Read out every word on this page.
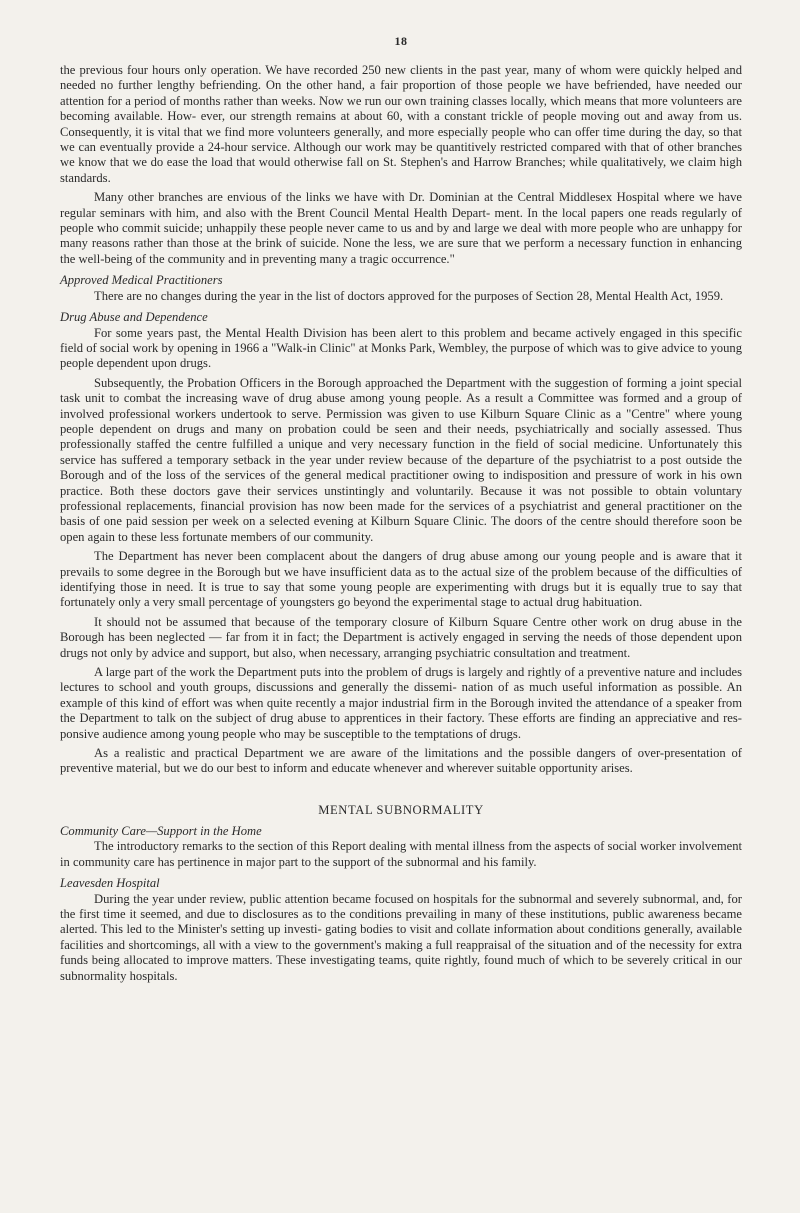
18

the previous four hours only operation. We have recorded 250 new clients in the past year, many of whom were quickly helped and needed no further lengthy befriending. On the other hand, a fair proportion of those people we have befriended, have needed our attention for a period of months rather than weeks. Now we run our own training classes locally, which means that more volunteers are becoming available. How- ever, our strength remains at about 60, with a constant trickle of people moving out and away from us. Consequently, it is vital that we find more volunteers generally, and more especially people who can offer time during the day, so that we can eventually provide a 24-hour service. Although our work may be quantitively restricted compared with that of other branches we know that we do ease the load that would otherwise fall on St. Stephen's and Harrow Branches; while qualitatively, we claim high standards.

Many other branches are envious of the links we have with Dr. Dominian at the Central Middlesex Hospital where we have regular seminars with him, and also with the Brent Council Mental Health Depart- ment. In the local papers one reads regularly of people who commit suicide; unhappily these people never came to us and by and large we deal with more people who are unhappy for many reasons rather than those at the brink of suicide. None the less, we are sure that we perform a necessary function in enhancing the well-being of the community and in preventing many a tragic occurrence."

Approved Medical Practitioners

There are no changes during the year in the list of doctors approved for the purposes of Section 28, Mental Health Act, 1959.

Drug Abuse and Dependence

For some years past, the Mental Health Division has been alert to this problem and became actively engaged in this specific field of social work by opening in 1966 a "Walk-in Clinic" at Monks Park, Wembley, the purpose of which was to give advice to young people dependent upon drugs.

Subsequently, the Probation Officers in the Borough approached the Department with the suggestion of forming a joint special task unit to combat the increasing wave of drug abuse among young people. As a result a Committee was formed and a group of involved professional workers undertook to serve. Permission was given to use Kilburn Square Clinic as a "Centre" where young people dependent on drugs and many on probation could be seen and their needs, psychiatrically and socially assessed. Thus professionally staffed the centre fulfilled a unique and very necessary function in the field of social medicine. Unfortunately this service has suffered a temporary setback in the year under review because of the departure of the psychiatrist to a post outside the Borough and of the loss of the services of the general medical practitioner owing to indisposition and pressure of work in his own practice. Both these doctors gave their services unstintingly and voluntarily. Because it was not possible to obtain voluntary professional replacements, financial provision has now been made for the services of a psychiatrist and general practitioner on the basis of one paid session per week on a selected evening at Kilburn Square Clinic. The doors of the centre should therefore soon be open again to these less fortunate members of our community.

The Department has never been complacent about the dangers of drug abuse among our young people and is aware that it prevails to some degree in the Borough but we have insufficient data as to the actual size of the problem because of the difficulties of identifying those in need. It is true to say that some young people are experimenting with drugs but it is equally true to say that fortunately only a very small percentage of youngsters go beyond the experimental stage to actual drug habituation.

It should not be assumed that because of the temporary closure of Kilburn Square Centre other work on drug abuse in the Borough has been neglected — far from it in fact; the Department is actively engaged in serving the needs of those dependent upon drugs not only by advice and support, but also, when necessary, arranging psychiatric consultation and treatment.

A large part of the work the Department puts into the problem of drugs is largely and rightly of a preventive nature and includes lectures to school and youth groups, discussions and generally the dissemi- nation of as much useful information as possible. An example of this kind of effort was when quite recently a major industrial firm in the Borough invited the attendance of a speaker from the Department to talk on the subject of drug abuse to apprentices in their factory. These efforts are finding an appreciative and res- ponsive audience among young people who may be susceptible to the temptations of drugs.

As a realistic and practical Department we are aware of the limitations and the possible dangers of over-presentation of preventive material, but we do our best to inform and educate whenever and wherever suitable opportunity arises.

MENTAL SUBNORMALITY
Community Care—Support in the Home

The introductory remarks to the section of this Report dealing with mental illness from the aspects of social worker involvement in community care has pertinence in major part to the support of the subnormal and his family.

Leavesden Hospital

During the year under review, public attention became focused on hospitals for the subnormal and severely subnormal, and, for the first time it seemed, and due to disclosures as to the conditions prevailing in many of these institutions, public awareness became alerted. This led to the Minister's setting up investi- gating bodies to visit and collate information about conditions generally, available facilities and shortcomings, all with a view to the government's making a full reappraisal of the situation and of the necessity for extra funds being allocated to improve matters. These investigating teams, quite rightly, found much of which to be severely critical in our subnormality hospitals.
